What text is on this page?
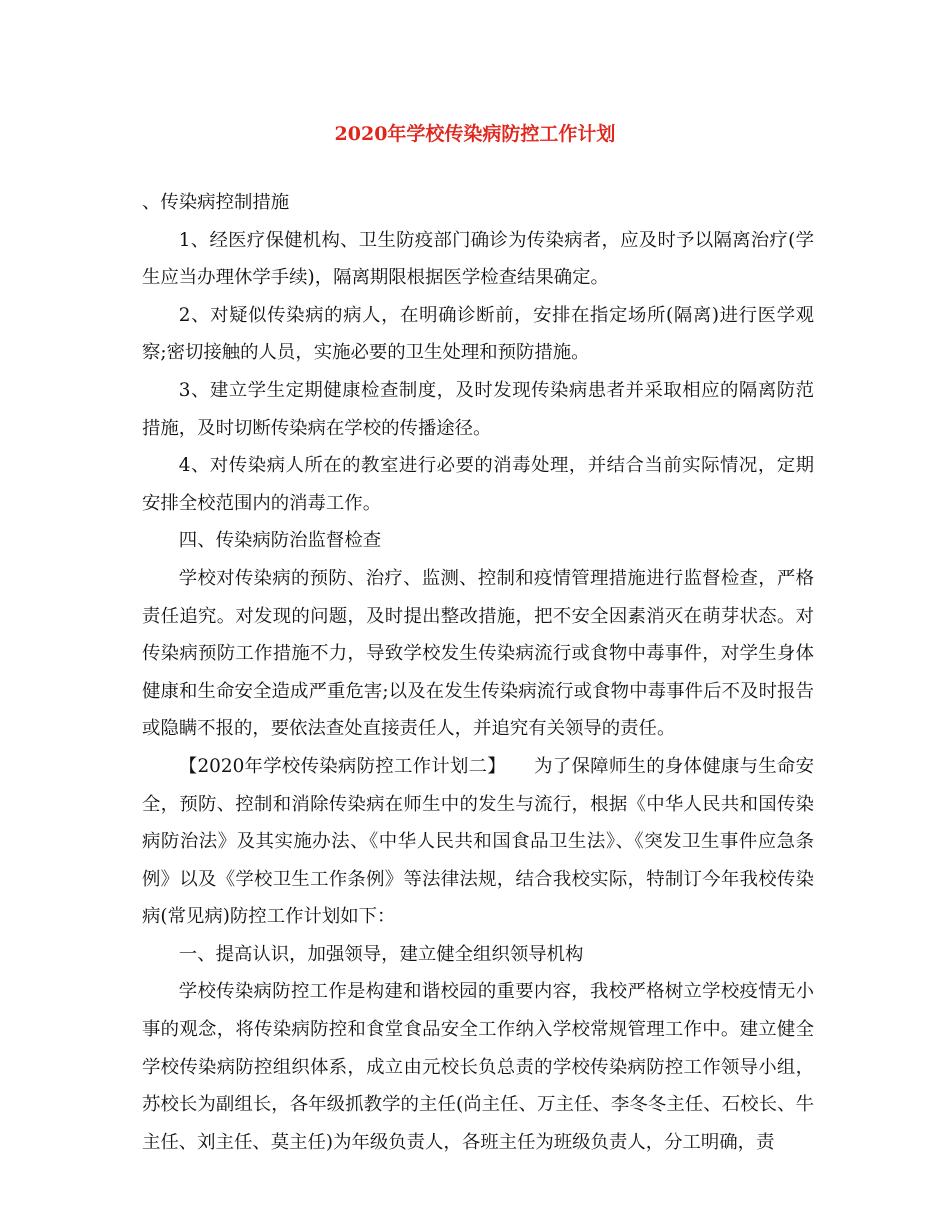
2020年学校传染病防控工作计划

、传染病控制措施

1、经医疗保健机构、卫生防疫部门确诊为传染病者，应及时予以隔离治疗(学生应当办理休学手续)，隔离期限根据医学检查结果确定。

2、对疑似传染病的病人，在明确诊断前，安排在指定场所(隔离)进行医学观察;密切接触的人员，实施必要的卫生处理和预防措施。

3、建立学生定期健康检查制度，及时发现传染病患者并采取相应的隔离防范措施，及时切断传染病在学校的传播途径。

4、对传染病人所在的教室进行必要的消毒处理，并结合当前实际情况，定期安排全校范围内的消毒工作。

四、传染病防治监督检查

学校对传染病的预防、治疗、监测、控制和疫情管理措施进行监督检查，严格责任追究。对发现的问题，及时提出整改措施，把不安全因素消灭在萌芽状态。对传染病预防工作措施不力，导致学校发生传染病流行或食物中毒事件，对学生身体健康和生命安全造成严重危害;以及在发生传染病流行或食物中毒事件后不及时报告或隐瞒不报的，要依法查处直接责任人，并追究有关领导的责任。

【2020年学校传染病防控工作计划二】　　为了保障师生的身体健康与生命安全，预防、控制和消除传染病在师生中的发生与流行，根据《中华人民共和国传染病防治法》及其实施办法、《中华人民共和国食品卫生法》、《突发卫生事件应急条例》以及《学校卫生工作条例》等法律法规，结合我校实际，特制订今年我校传染病(常见病)防控工作计划如下：

一、提高认识，加强领导，建立健全组织领导机构

学校传染病防控工作是构建和谐校园的重要内容，我校严格树立学校疫情无小事的观念，将传染病防控和食堂食品安全工作纳入学校常规管理工作中。建立健全学校传染病防控组织体系，成立由元校长负总责的学校传染病防控工作领导小组，苏校长为副组长，各年级抓教学的主任(尚主任、万主任、李冬冬主任、石校长、牛主任、刘主任、莫主任)为年级负责人，各班主任为班级负责人，分工明确，责
